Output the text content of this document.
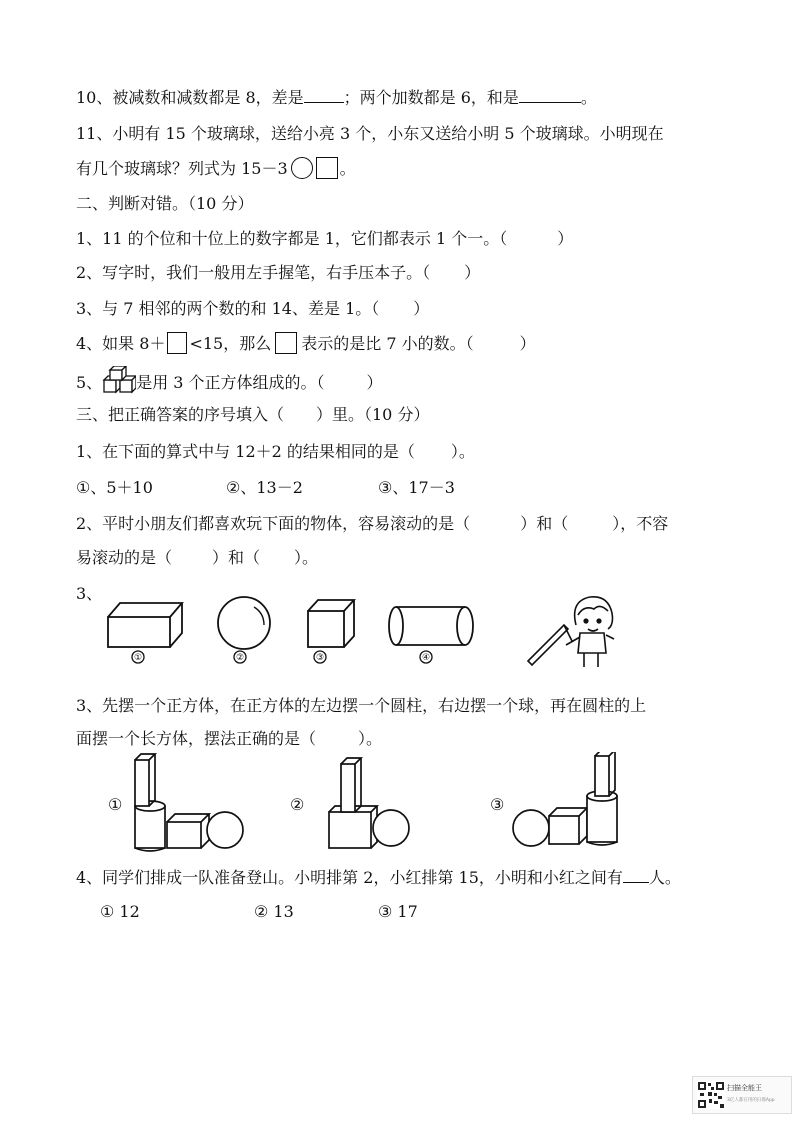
10、被减数和减数都是 8，差是	；两个加数都是 6，和是	。
11、小明有 15 个玻璃球，送给小亮 3 个，小东又送给小明 5 个玻璃球。小明现在
有几个玻璃球？列式为 15－3	。
二、判断对错。（10 分）
1、11 的个位和十位上的数字都是 1，它们都表示 1 个一。（	）
2、写字时，我们一般用左手握笔，右手压本子。（ ）
3、与 7 相邻的两个数的和 14、差是 1。（ ）
4、如果 8＋ <15，那么 表示的是比 7 小的数。（	）
5、 是用 3 个正方体组成的。（	）
三、把正确答案的序号填入（　　）里。（10 分）
1、在下面的算式中与 12＋2 的结果相同的是（ ）。
①、5＋10	②、13－2	③、17－3
2、平时小朋友们都喜欢玩下面的物体，容易滚动的是（	）和（	），不容
易滚动的是（	）和（ ）。
3、
①	②	③	④
3、先摆一个正方体，在正方体的左边摆一个圆柱，右边摆一个球，再在圆柱的上
面摆一个长方体，摆法正确的是（	）。
①	②	③
4、同学们排成一队准备登山。小明排第 2，小红排第 15，小明和小红之间有 人。
① 12	② 13	③ 17
扫描全能王
3亿人都在用的扫描App
